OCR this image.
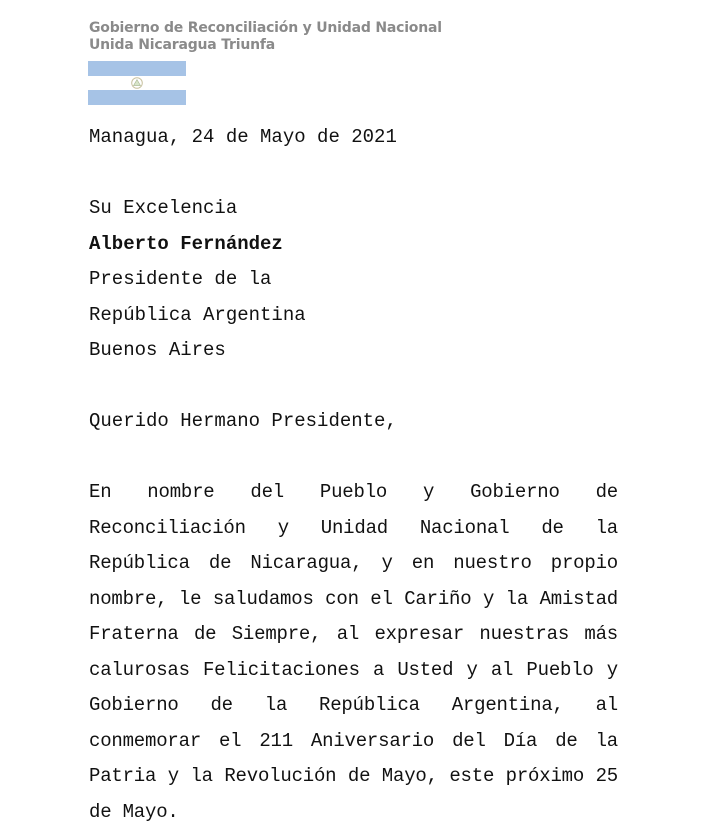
Gobierno de Reconciliación y Unidad Nacional
Unida Nicaragua Triunfa
Managua, 24 de Mayo de 2021
Su Excelencia
Alberto Fernández
Presidente de la
República Argentina
Buenos Aires
Querido Hermano Presidente,
En nombre del Pueblo y Gobierno de Reconciliación y Unidad Nacional de la República de Nicaragua, y en nuestro propio nombre, le saludamos con el Cariño y la Amistad Fraterna de Siempre, al expresar nuestras más calurosas Felicitaciones a Usted y al Pueblo y Gobierno de la República Argentina, al conmemorar el 211 Aniversario del Día de la Patria y la Revolución de Mayo, este próximo 25 de Mayo.
